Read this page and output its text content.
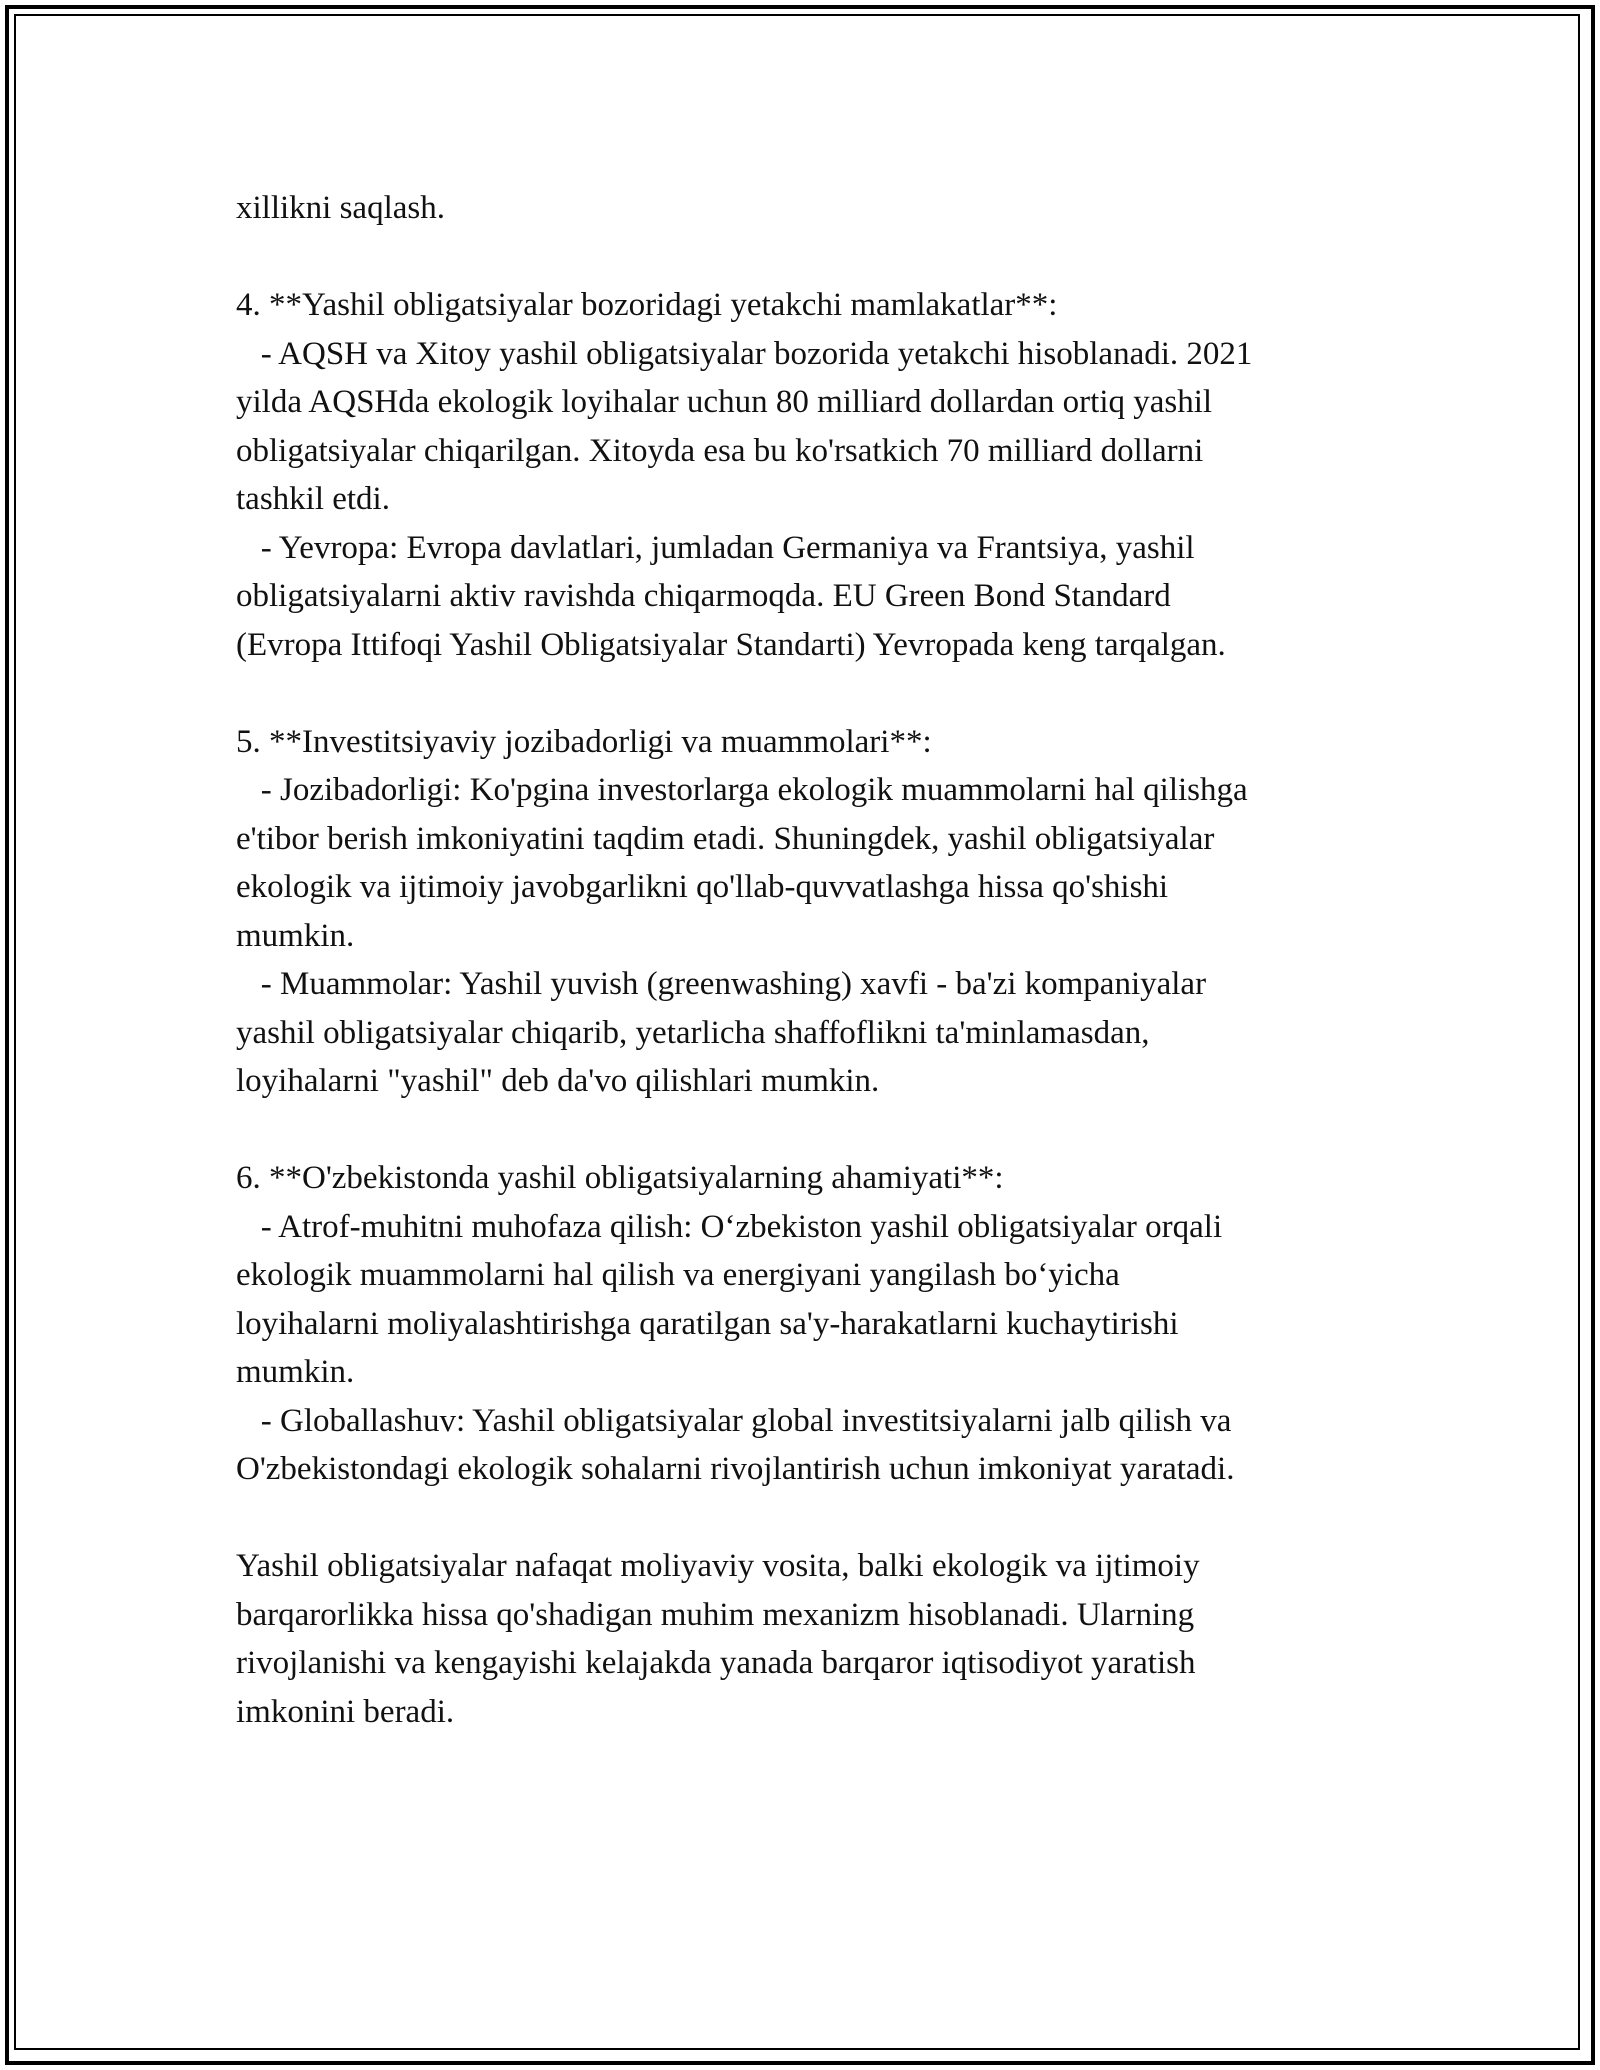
xillikni saqlash.
4. **Yashil obligatsiyalar bozoridagi yetakchi mamlakatlar**:
- AQSH va Xitoy yashil obligatsiyalar bozorida yetakchi hisoblanadi. 2021
yilda AQSHda ekologik loyihalar uchun 80 milliard dollardan ortiq yashil
obligatsiyalar chiqarilgan. Xitoyda esa bu ko'rsatkich 70 milliard dollarni
tashkil etdi.
- Yevropa: Evropa davlatlari, jumladan Germaniya va Frantsiya, yashil
obligatsiyalarni aktiv ravishda chiqarmoqda. EU Green Bond Standard
(Evropa Ittifoqi Yashil Obligatsiyalar Standarti) Yevropada keng tarqalgan.
5. **Investitsiyaviy jozibadorligi va muammolari**:
- Jozibadorligi: Ko'pgina investorlarga ekologik muammolarni hal qilishga
e'tibor berish imkoniyatini taqdim etadi. Shuningdek, yashil obligatsiyalar
ekologik va ijtimoiy javobgarlikni qo'llab-quvvatlashga hissa qo'shishi
mumkin.
- Muammolar: Yashil yuvish (greenwashing) xavfi - ba'zi kompaniyalar
yashil obligatsiyalar chiqarib, yetarlicha shaffoflikni ta'minlamasdan,
loyihalarni "yashil" deb da'vo qilishlari mumkin.
6. **O'zbekistonda yashil obligatsiyalarning ahamiyati**:
- Atrof-muhitni muhofaza qilish: O‘zbekiston yashil obligatsiyalar orqali
ekologik muammolarni hal qilish va energiyani yangilash bo‘yicha
loyihalarni moliyalashtirishga qaratilgan sa'y-harakatlarni kuchaytirishi
mumkin.
- Globallashuv: Yashil obligatsiyalar global investitsiyalarni jalb qilish va
O'zbekistondagi ekologik sohalarni rivojlantirish uchun imkoniyat yaratadi.
Yashil obligatsiyalar nafaqat moliyaviy vosita, balki ekologik va ijtimoiy
barqarorlikka hissa qo'shadigan muhim mexanizm hisoblanadi. Ularning
rivojlanishi va kengayishi kelajakda yanada barqaror iqtisodiyot yaratish
imkonini beradi.
